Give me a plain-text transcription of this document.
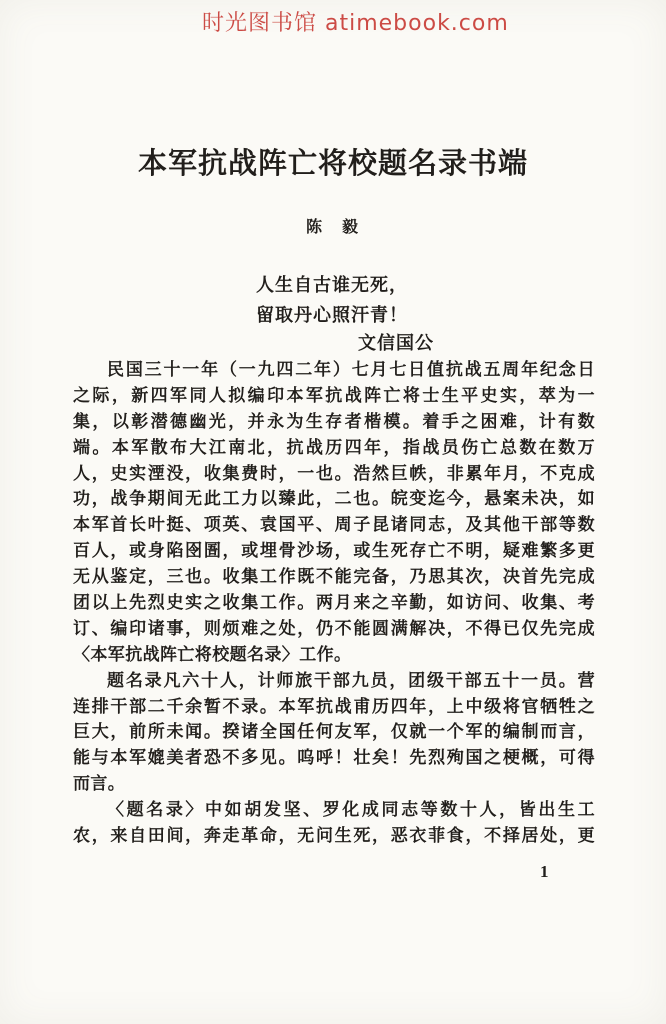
时光图书馆 atimebook.com
本军抗战阵亡将校题名录书端
陈　毅
人生自古谁无死，
留取丹心照汗青！
文信国公
民国三十一年（一九四二年）七月七日值抗战五周年纪念日
之际，新四军同人拟编印本军抗战阵亡将士生平史实，萃为一
集，以彰潜德幽光，并永为生存者楷模。着手之困难，计有数
端。本军散布大江南北，抗战历四年，指战员伤亡总数在数万
人，史实湮没，收集费时，一也。浩然巨帙，非累年月，不克成
功，战争期间无此工力以臻此，二也。皖变迄今，悬案未决，如
本军首长叶挺、项英、袁国平、周子昆诸同志，及其他干部等数
百人，或身陷囹圄，或埋骨沙场，或生死存亡不明，疑难繁多更
无从鉴定，三也。收集工作既不能完备，乃思其次，决首先完成
团以上先烈史实之收集工作。两月来之辛勤，如访问、收集、考
订、编印诸事，则烦难之处，仍不能圆满解决，不得已仅先完成
〈本军抗战阵亡将校题名录〉工作。
题名录凡六十人，计师旅干部九员，团级干部五十一员。营
连排干部二千余暂不录。本军抗战甫历四年，上中级将官牺牲之
巨大，前所未闻。揆诸全国任何友军，仅就一个军的编制而言，
能与本军媲美者恐不多见。呜呼！壮矣！先烈殉国之梗概，可得
而言。
〈题名录〉中如胡发坚、罗化成同志等数十人，皆出生工
农，来自田间，奔走革命，无问生死，恶衣菲食，不择居处，更
1
